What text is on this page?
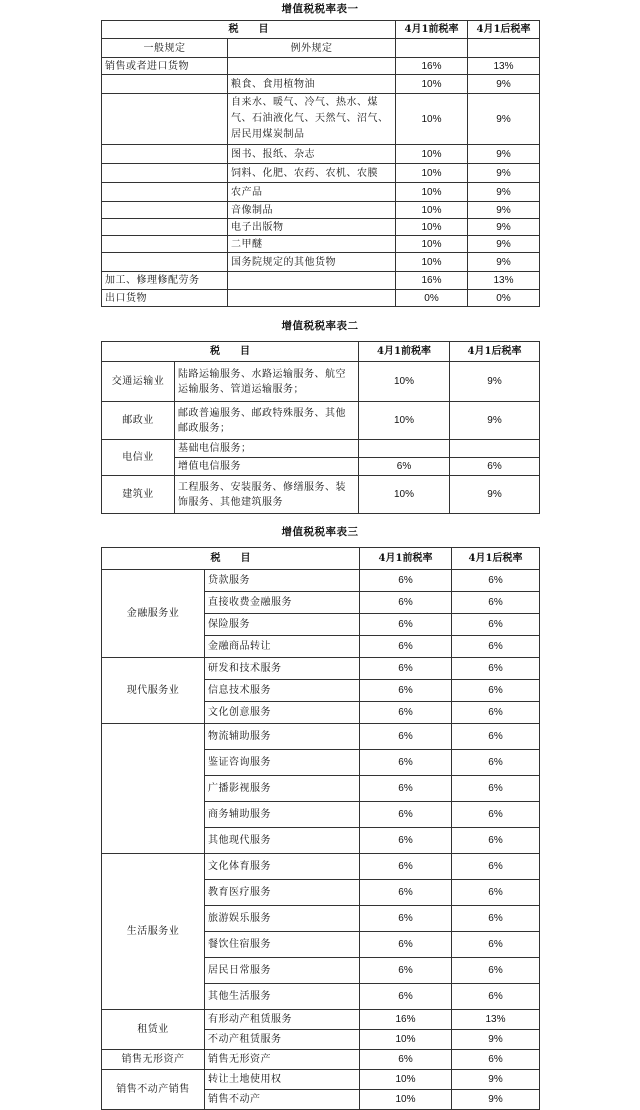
增值税税率表一
税　　目		4月1前税率	4月1后税率
一般规定	例外规定		
销售或者进口货物		16%	13%
	粮食、食用植物油	10%	9%
	自来水、暖气、冷气、热水、煤气、石油液化气、天然气、沼气、居民用煤炭制品	10%	9%
	图书、报纸、杂志	10%	9%
	饲料、化肥、农药、农机、农膜	10%	9%
	农产品	10%	9%
	音像制品	10%	9%
	电子出版物	10%	9%
	二甲醚	10%	9%
	国务院规定的其他货物	10%	9%
加工、修理修配劳务		16%	13%
出口货物		0%	0%
增值税税率表二
税　　目		4月1前税率	4月1后税率
交通运输业	陆路运输服务、水路运输服务、航空运输服务、管道运输服务；	10%	9%
邮政业	邮政普遍服务、邮政特殊服务、其他邮政服务；	10%	9%
电信业	基础电信服务；		
	增值电信服务	6%	6%
建筑业	工程服务、安装服务、修缮服务、装饰服务、其他建筑服务	10%	9%
增值税税率表三
税　　目		4月1前税率	4月1后税率
金融服务业	贷款服务	6%	6%
	直接收费金融服务	6%	6%
	保险服务	6%	6%
	金融商品转让	6%	6%
现代服务业	研发和技术服务	6%	6%
	信息技术服务	6%	6%
	文化创意服务	6%	6%
	物流辅助服务	6%	6%
	鉴证咨询服务	6%	6%
	广播影视服务	6%	6%
	商务辅助服务	6%	6%
	其他现代服务	6%	6%
生活服务业	文化体育服务	6%	6%
	教育医疗服务	6%	6%
	旅游娱乐服务	6%	6%
	餐饮住宿服务	6%	6%
	居民日常服务	6%	6%
	其他生活服务	6%	6%
租赁业	有形动产租赁服务	16%	13%
	不动产租赁服务	10%	9%
销售无形资产	销售无形资产	6%	6%
销售不动产销售	转让土地使用权	10%	9%
	销售不动产	10%	9%
